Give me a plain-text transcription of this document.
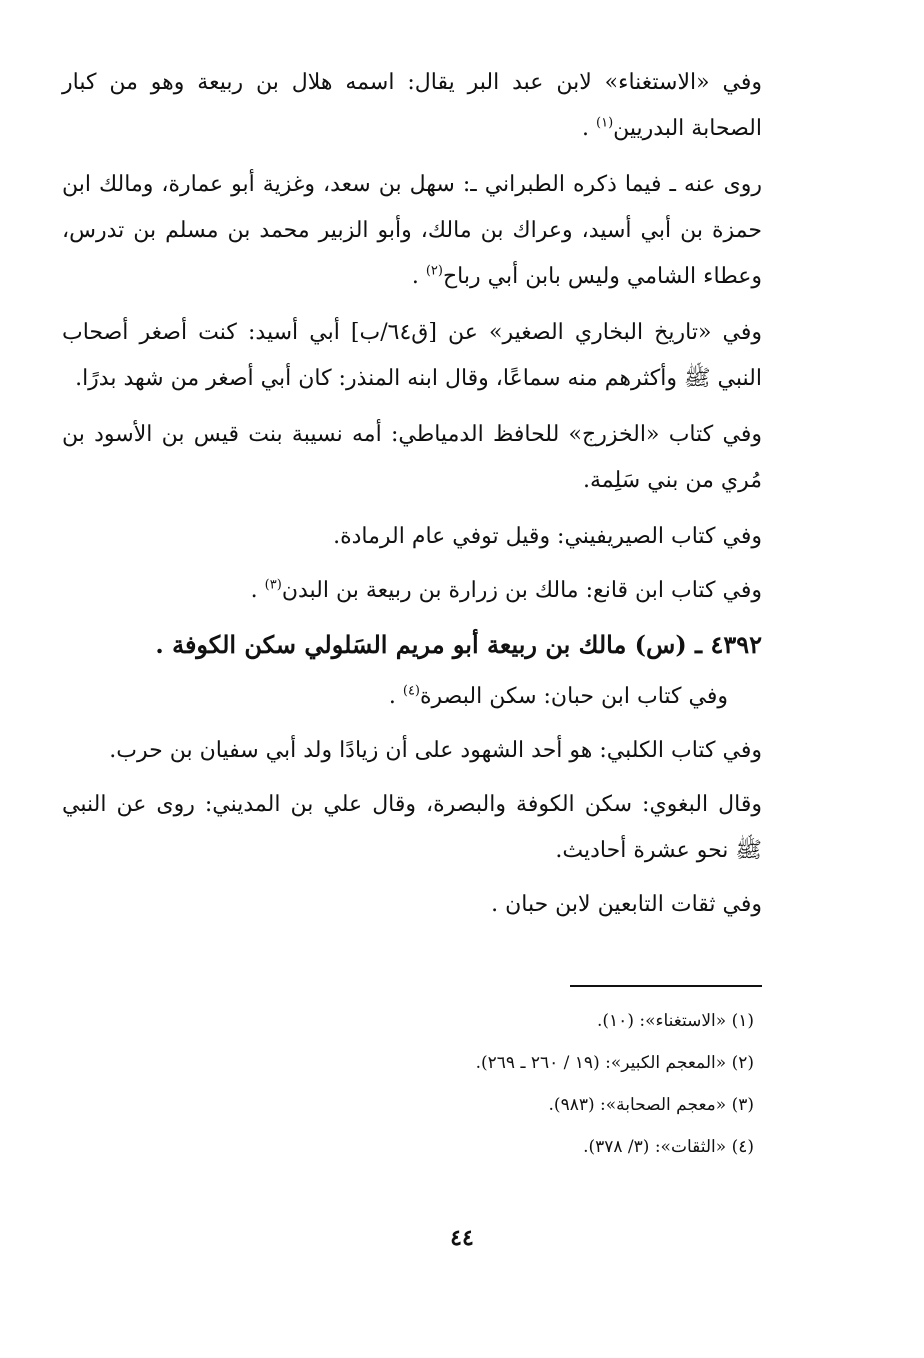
وفي «الاستغناء» لابن عبد البر يقال: اسمه هلال بن ربيعة وهو من كبار الصحابة البدريين$^{(١)}$ .

روى عنه ـ فيما ذكره الطبراني ـ: سهل بن سعد، وغزية أبو عمارة، ومالك ابن حمزة بن أبي أسيد، وعراك بن مالك، وأبو الزبير محمد بن مسلم بن تدرس، وعطاء الشامي وليس بابن أبي رباح$^{(٢)}$ .

وفي «تاريخ البخاري الصغير» عن [ق٦٤/ب] أبي أسيد: كنت أصغر أصحاب النبي ﷺ وأكثرهم منه سماعًا، وقال ابنه المنذر: كان أبي أصغر من شهد بدرًا.

وفي كتاب «الخزرج» للحافظ الدمياطي: أمه نسيبة بنت قيس بن الأسود بن مُري من بني سَلِمة.

وفي كتاب الصيريفيني: وقيل توفي عام الرمادة.

وفي كتاب ابن قانع: مالك بن زرارة بن ربيعة بن البدن$^{(٣)}$ .

٤٣٩٢ ـ (س) مالك بن ربيعة أبو مريم السَلولي سكن الكوفة .

وفي كتاب ابن حبان: سكن البصرة$^{(٤)}$ .

وفي كتاب الكلبي: هو أحد الشهود على أن زيادًا ولد أبي سفيان بن حرب.

وقال البغوي: سكن الكوفة والبصرة، وقال علي بن المديني: روى عن النبي ﷺ نحو عشرة أحاديث.

وفي ثقات التابعين لابن حبان .

(١) «الاستغناء»: (١٠).
(٢) «المعجم الكبير»: (١٩ / ٢٦٠ ـ ٢٦٩).
(٣) «معجم الصحابة»: (٩٨٣).
(٤) «الثقات»: (٣/ ٣٧٨).
٤٤
